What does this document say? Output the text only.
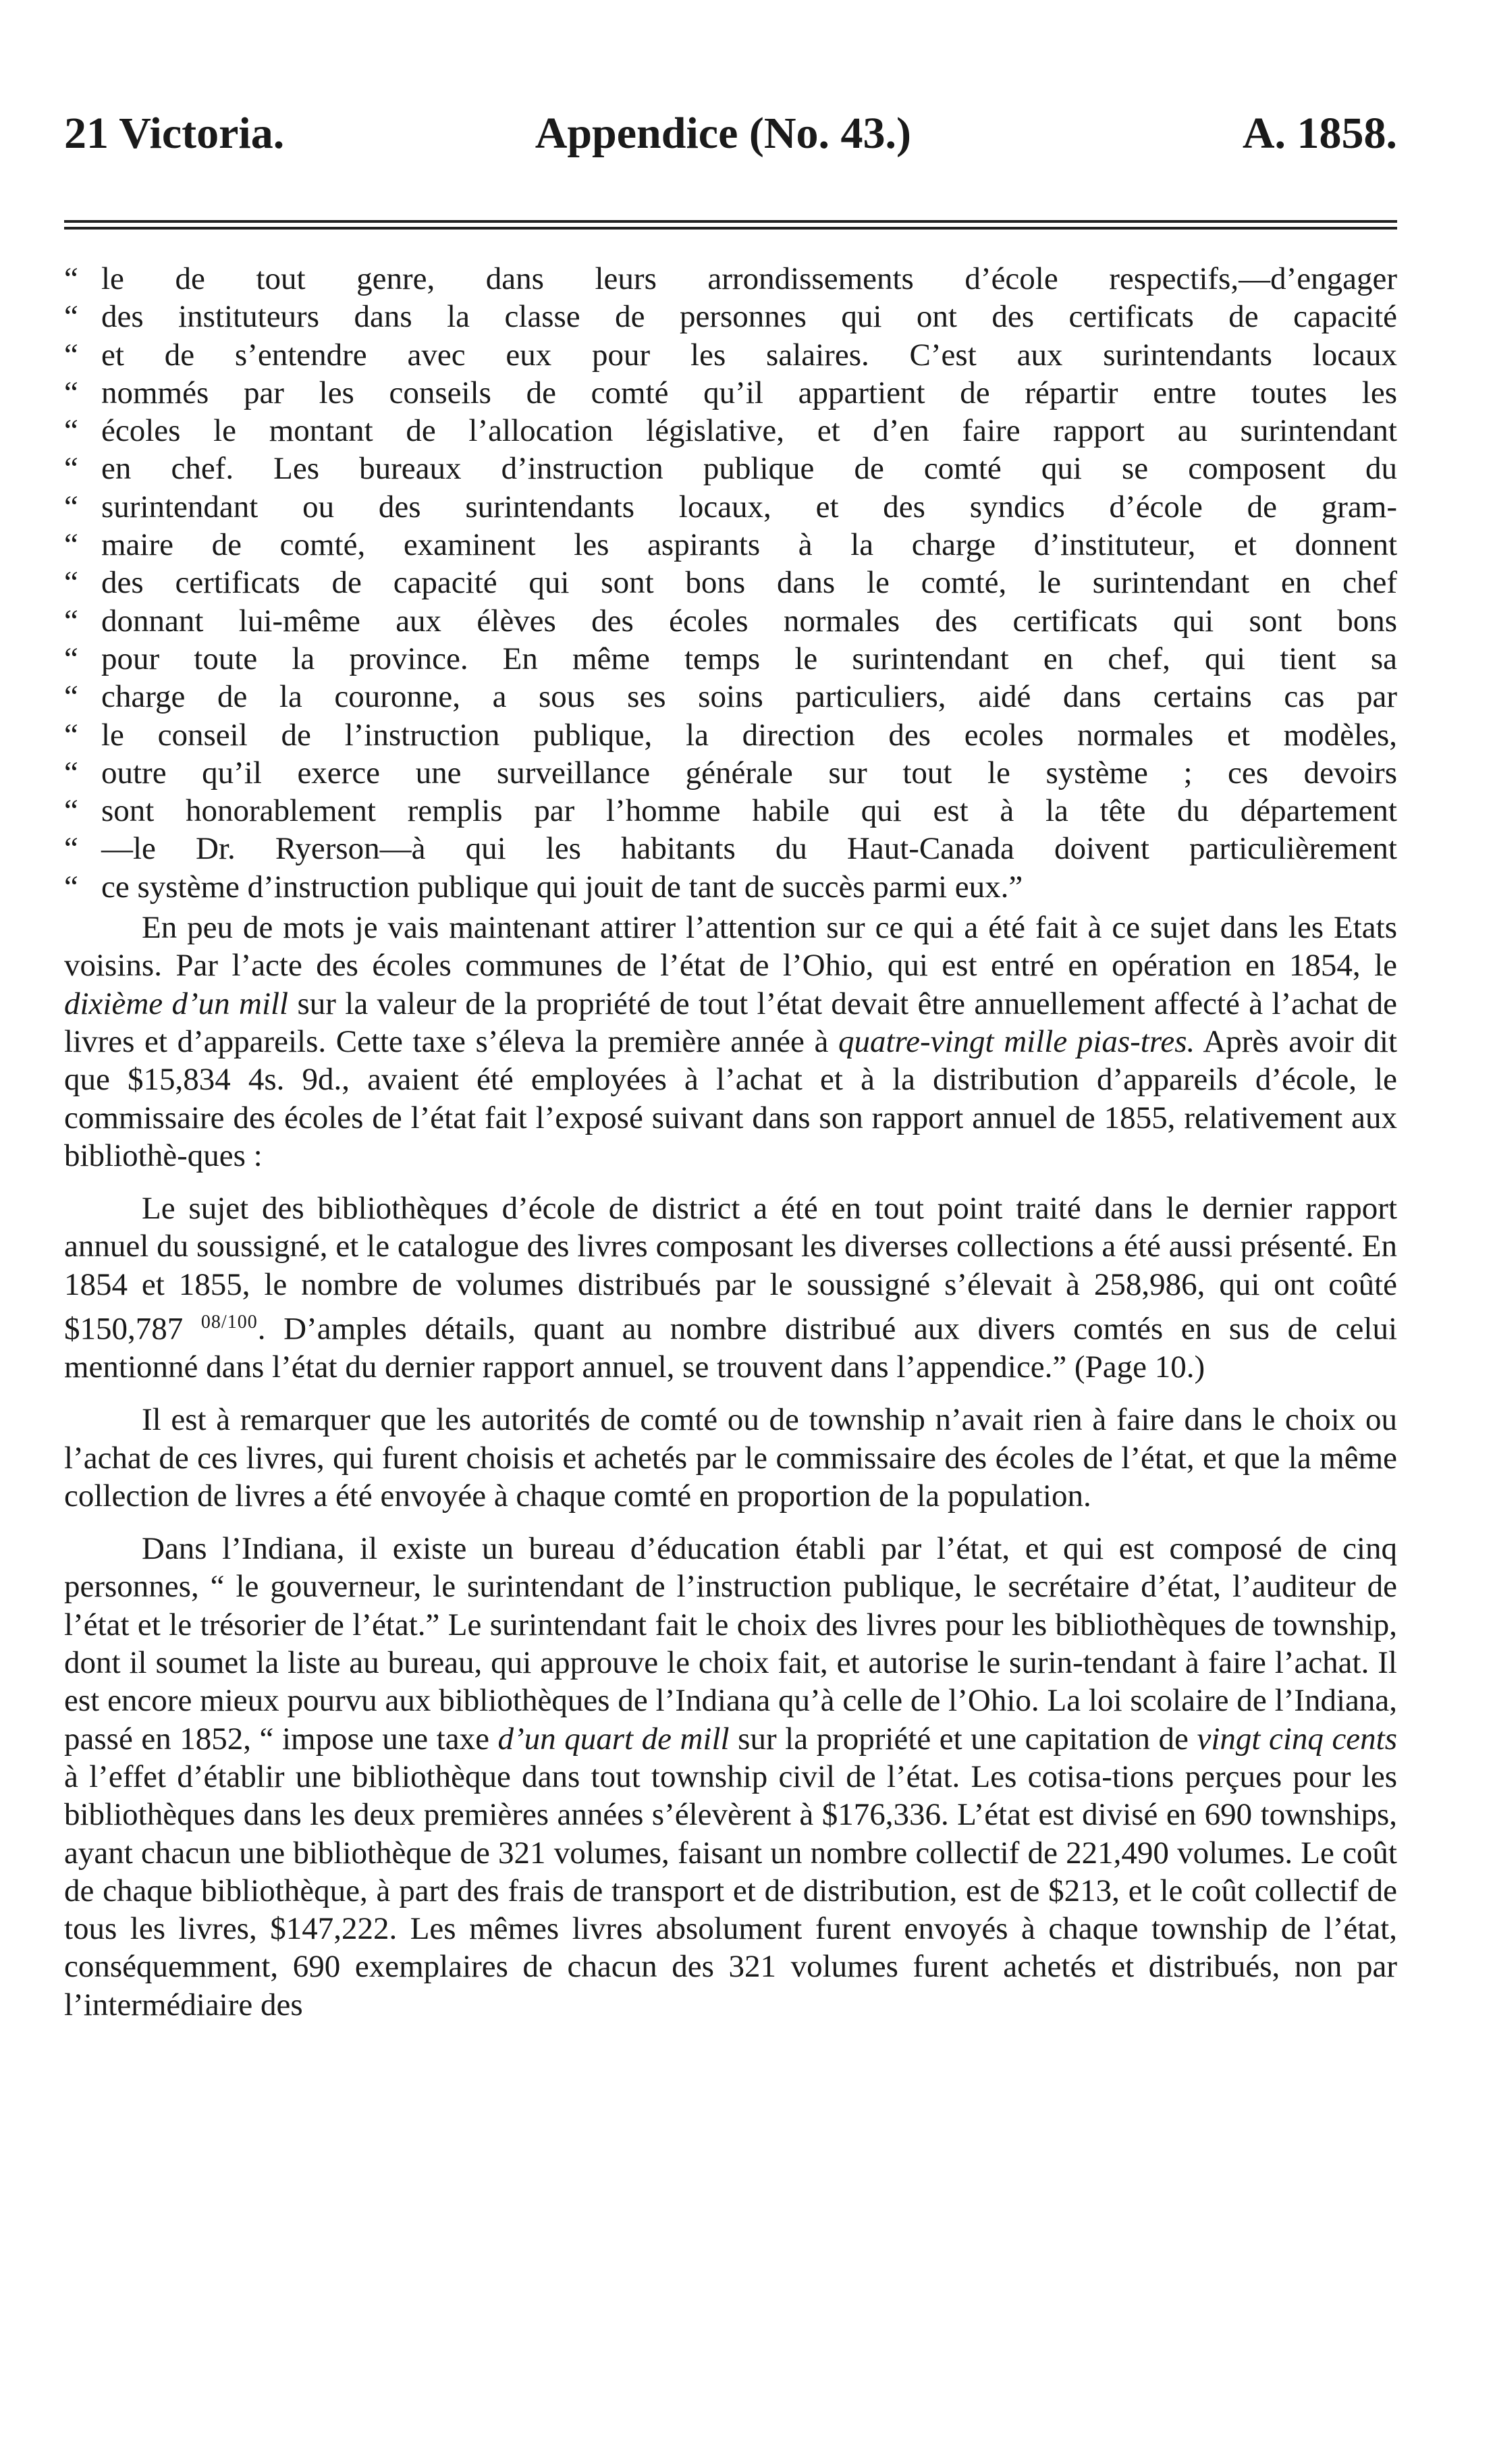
21 Victoria.	Appendice (No. 43.)	A. 1858.
“ le de tout genre, dans leurs arrondissements d’école respectifs,—d’engager
“ des instituteurs dans la classe de personnes qui ont des certificats de capacité
“ et de s’entendre avec eux pour les salaires. C’est aux surintendants locaux
“ nommés par les conseils de comté qu’il appartient de répartir entre toutes les
“ écoles le montant de l’allocation législative, et d’en faire rapport au surintendant
“ en chef. Les bureaux d’instruction publique de comté qui se composent du
“ surintendant ou des surintendants locaux, et des syndics d’école de gram-
“ maire de comté, examinent les aspirants à la charge d’instituteur, et donnent
“ des certificats de capacité qui sont bons dans le comté, le surintendant en chef
“ donnant lui-même aux élèves des écoles normales des certificats qui sont bons
“ pour toute la province. En même temps le surintendant en chef, qui tient sa
“ charge de la couronne, a sous ses soins particuliers, aidé dans certains cas par
“ le conseil de l’instruction publique, la direction des ecoles normales et modèles,
“ outre qu’il exerce une surveillance générale sur tout le système ; ces devoirs
“ sont honorablement remplis par l’homme habile qui est à la tête du département
“ —le Dr. Ryerson—à qui les habitants du Haut-Canada doivent particulièrement
“ ce système d’instruction publique qui jouit de tant de succès parmi eux.”

En peu de mots je vais maintenant attirer l’attention sur ce qui a été fait à ce sujet dans les Etats voisins. Par l’acte des écoles communes de l’état de l’Ohio, qui est entré en opération en 1854, le dixième d’un mill sur la valeur de la propriété de tout l’état devait être annuellement affecté à l’achat de livres et d’appareils. Cette taxe s’éleva la première année à quatre-vingt mille pias-tres. Après avoir dit que $15,834 4s. 9d., avaient été employées à l’achat et à la distribution d’appareils d’école, le commissaire des écoles de l’état fait l’exposé suivant dans son rapport annuel de 1855, relativement aux bibliothè-ques :

Le sujet des bibliothèques d’école de district a été en tout point traité dans le dernier rapport annuel du soussigné, et le catalogue des livres composant les diverses collections a été aussi présenté. En 1854 et 1855, le nombre de volumes distribués par le soussigné s’élevait à 258,986, qui ont coûté $150,787 $^{08/100}$. D’amples détails, quant au nombre distribué aux divers comtés en sus de celui mentionné dans l’état du dernier rapport annuel, se trouvent dans l’appendice.” (Page 10.)

Il est à remarquer que les autorités de comté ou de township n’avait rien à faire dans le choix ou l’achat de ces livres, qui furent choisis et achetés par le commissaire des écoles de l’état, et que la même collection de livres a été envoyée à chaque comté en proportion de la population.

Dans l’Indiana, il existe un bureau d’éducation établi par l’état, et qui est composé de cinq personnes, “ le gouverneur, le surintendant de l’instruction publique, le secrétaire d’état, l’auditeur de l’état et le trésorier de l’état.” Le surintendant fait le choix des livres pour les bibliothèques de township, dont il soumet la liste au bureau, qui approuve le choix fait, et autorise le surin-tendant à faire l’achat. Il est encore mieux pourvu aux bibliothèques de l’Indiana qu’à celle de l’Ohio. La loi scolaire de l’Indiana, passé en 1852, “ impose une taxe d’un quart de mill sur la propriété et une capitation de vingt cinq cents à l’effet d’établir une bibliothèque dans tout township civil de l’état. Les cotisa-tions perçues pour les bibliothèques dans les deux premières années s’élevèrent à $176,336. L’état est divisé en 690 townships, ayant chacun une bibliothèque de 321 volumes, faisant un nombre collectif de 221,490 volumes. Le coût de chaque bibliothèque, à part des frais de transport et de distribution, est de $213, et le coût collectif de tous les livres, $147,222. Les mêmes livres absolument furent envoyés à chaque township de l’état, conséquemment, 690 exemplaires de chacun des 321 volumes furent achetés et distribués, non par l’intermédiaire des
